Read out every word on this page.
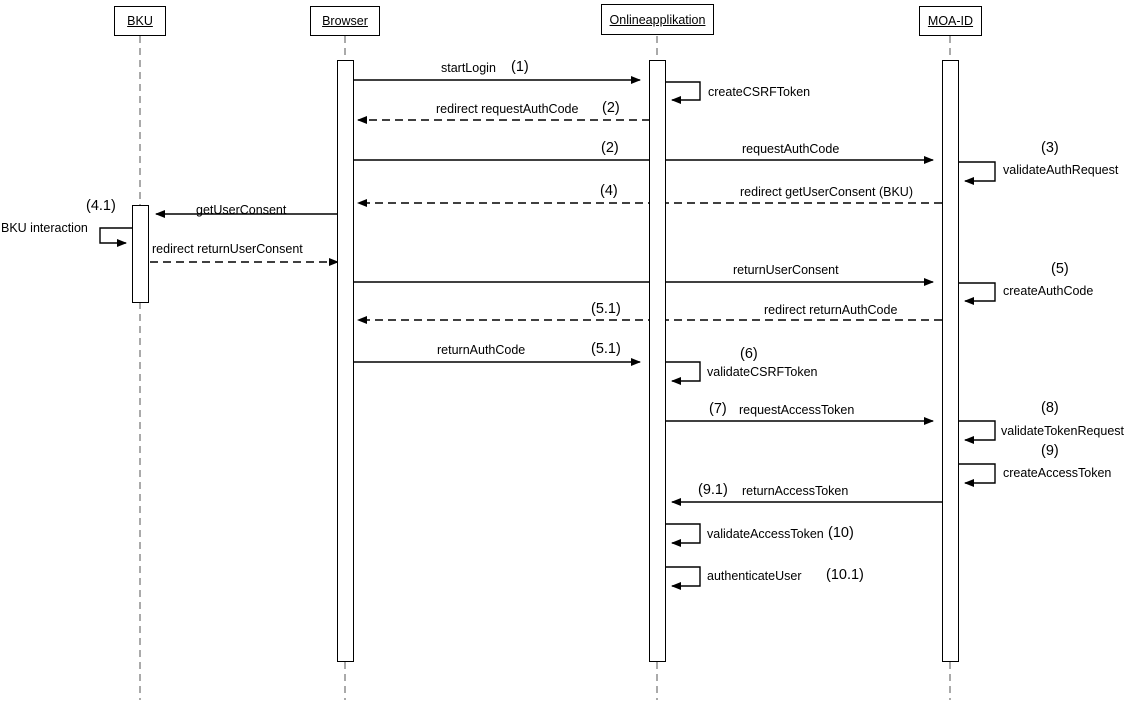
BKU	Browser	Onlineapplikation	MOA-ID
startLogin (1)
createCSRFToken
redirect requestAuthCode (2)
(2)	requestAuthCode	(3)
validateAuthRequest
(4)	redirect getUserConsent (BKU)
(4.1)	getUserConsent
BKU interaction
redirect returnUserConsent
returnUserConsent	(5)
createAuthCode
(5.1)	redirect returnAuthCode
returnAuthCode	(5.1)	(6)
validateCSRFToken
(7) requestAccessToken	(8)
validateTokenRequest
(9)
createAccessToken
(9.1) returnAccessToken
validateAccessToken (10)
authenticateUser (10.1)
